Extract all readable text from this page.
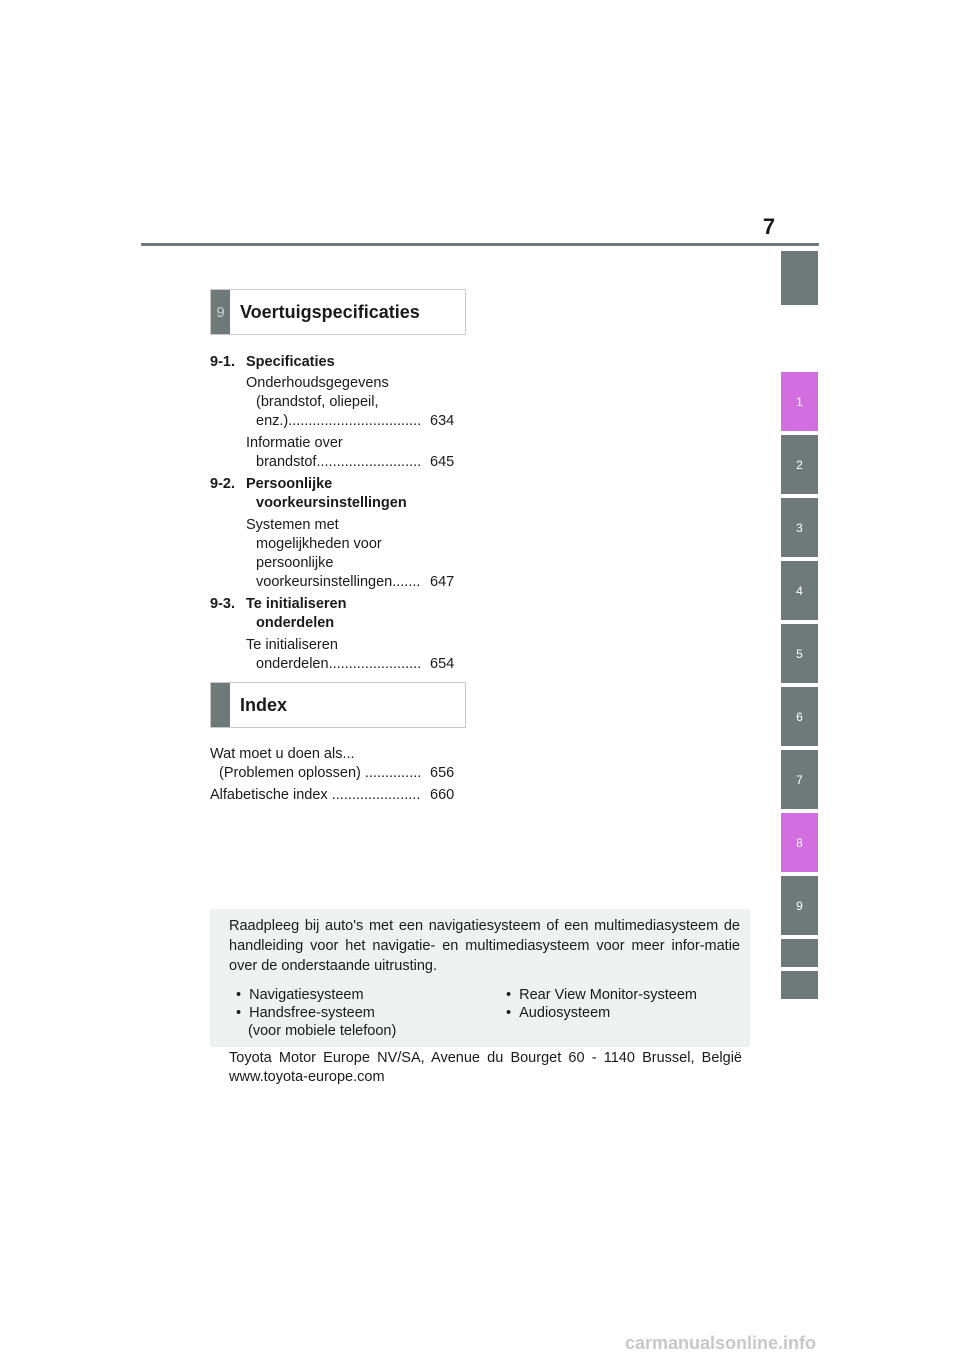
7
1
2
3
4
5
6
7
8
9
9 Voertuigspecificaties
9-1. Specificaties
Onderhoudsgegevens
(brandstof, oliepeil,
enz.)................................. 634
Informatie over
brandstof.......................... 645
9-2. Persoonlijke
voorkeursinstellingen
Systemen met
mogelijkheden voor
persoonlijke
voorkeursinstellingen....... 647
9-3. Te initialiseren
onderdelen
Te initialiseren
onderdelen....................... 654
Index
Wat moet u doen als...
(Problemen oplossen) .............. 656
Alfabetische index ...................... 660
Raadpleeg bij auto's met een navigatiesysteem of een multimediasysteem de handleiding voor het navigatie- en multimediasysteem voor meer infor-matie over de onderstaande uitrusting.
• Navigatiesysteem
• Handsfree-systeem
(voor mobiele telefoon)
• Rear View Monitor-systeem
• Audiosysteem
Toyota Motor Europe NV/SA, Avenue du Bourget 60 - 1140 Brussel, België
www.toyota-europe.com
carmanualsonline.info
